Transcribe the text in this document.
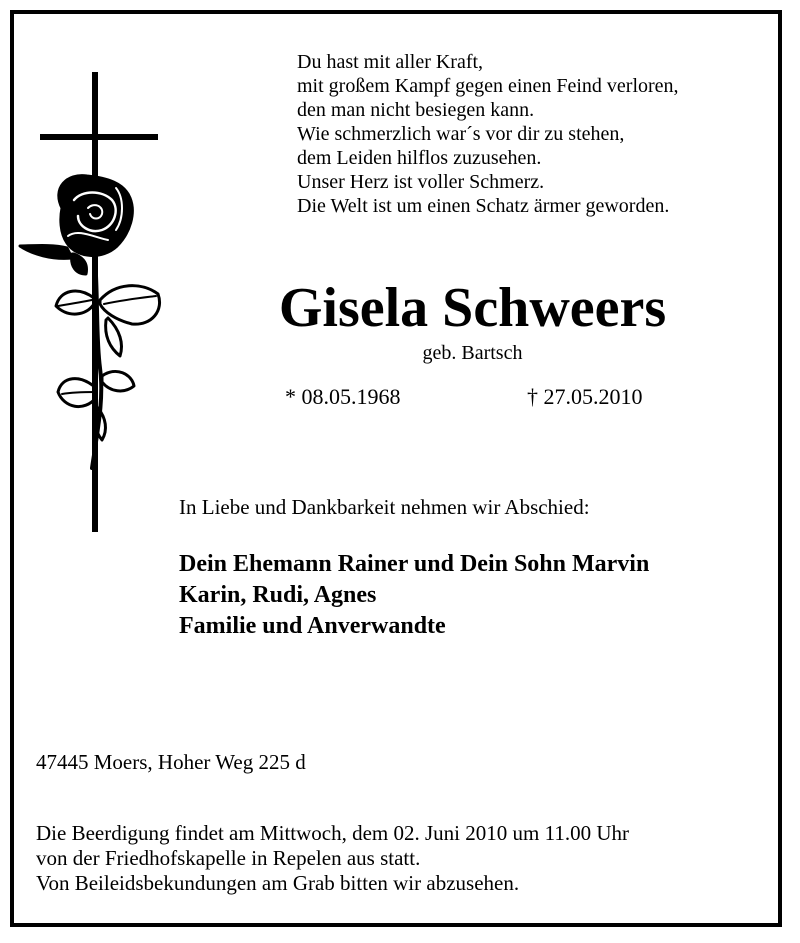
Du hast mit aller Kraft,
mit großem Kampf gegen einen Feind verloren,
den man nicht besiegen kann.
Wie schmerzlich war´s vor dir zu stehen,
dem Leiden hilflos zuzusehen.
Unser Herz ist voller Schmerz.
Die Welt ist um einen Schatz ärmer geworden.
Gisela Schweers
geb. Bartsch
* 08.05.1968	† 27.05.2010
In Liebe und Dankbarkeit nehmen wir Abschied:
Dein Ehemann Rainer und Dein Sohn Marvin
Karin, Rudi, Agnes
Familie und Anverwandte
47445 Moers, Hoher Weg 225 d
Die Beerdigung findet am Mittwoch, dem 02. Juni 2010 um 11.00 Uhr
von der Friedhofskapelle in Repelen aus statt.
Von Beileidsbekundungen am Grab bitten wir abzusehen.
